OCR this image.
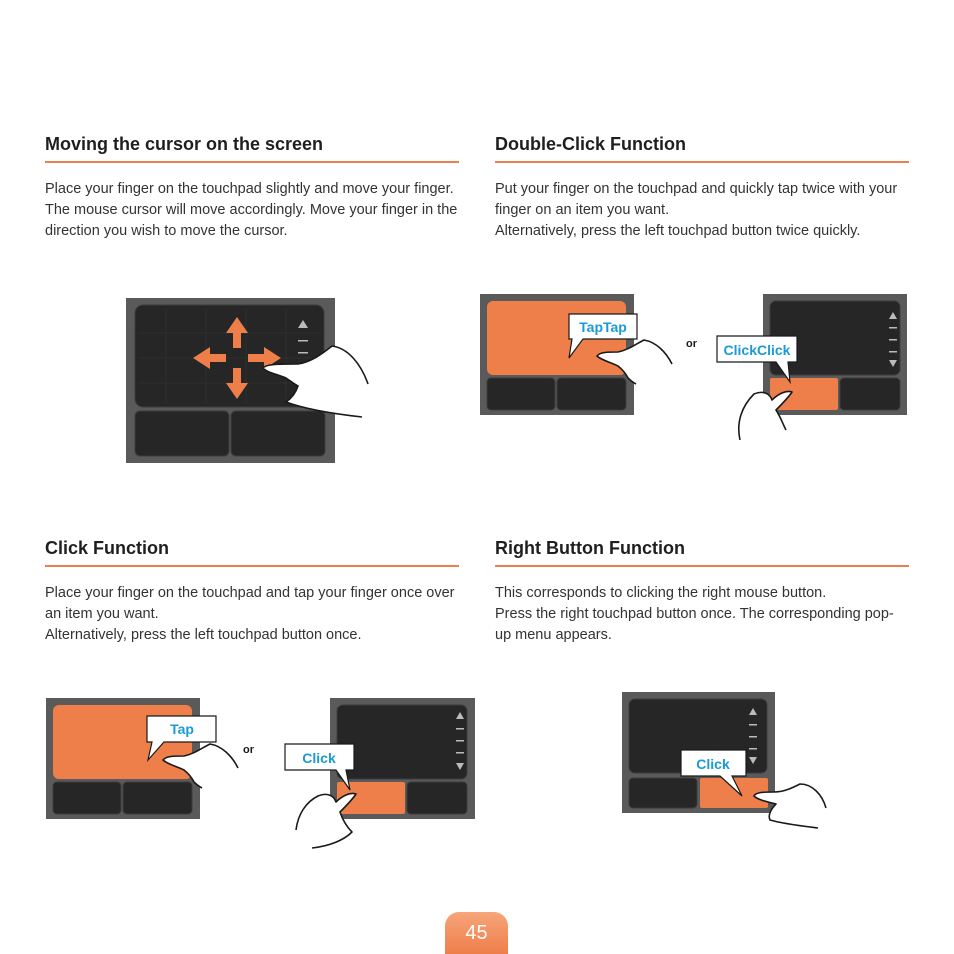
Moving the cursor on the screen

Place your finger on the touchpad slightly and move your finger. The mouse cursor will move accordingly. Move your finger in the direction you wish to move the cursor.

Double-Click Function

Put your finger on the touchpad and quickly tap twice with your finger on an item you want.
Alternatively, press the left touchpad button twice quickly.

Click Function

Place your finger on the touchpad and tap your finger once over an item you want.
Alternatively, press the left touchpad button once.

Right Button Function

This corresponds to clicking the right mouse button.
Press the right touchpad button once. The corresponding pop-up menu appears.

TapTap
or ClickClick
Tap
or	Click	Click
45
